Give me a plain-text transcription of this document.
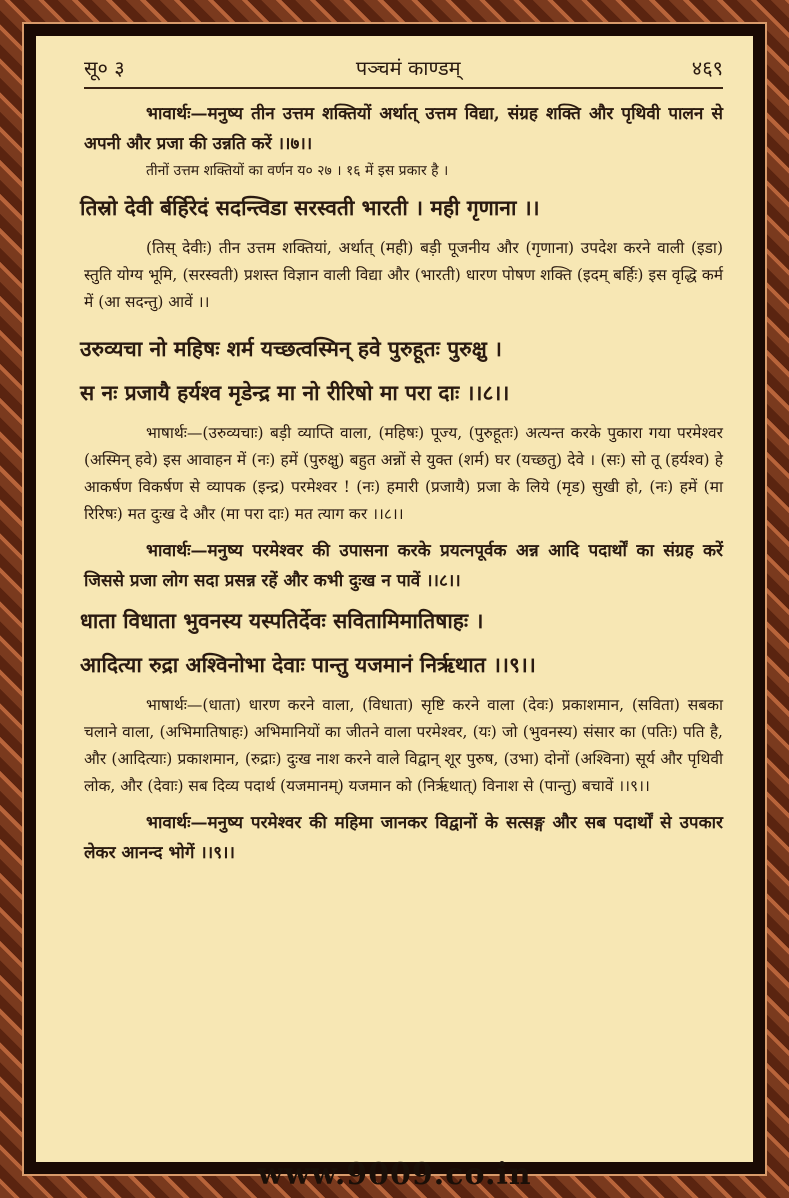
सू० ३	पञ्चमं काण्डम्	४६९

भावार्थः—मनुष्य तीन उत्तम शक्तियों अर्थात् उत्तम विद्या, संग्रह शक्ति और पृथिवी पालन से अपनी और प्रजा की उन्नति करें ।।७।।

तीनों उत्तम शक्तियों का वर्णन य० २७ । १६ में इस प्रकार है ।

तिस्रो देवी र्बर्हिरेदं सदन्त्विडा सरस्वती भारती । मही गृणाना ।।

(तिस् देवीः) तीन उत्तम शक्तियां, अर्थात् (मही) बड़ी पूजनीय और (गृणाना) उपदेश करने वाली (इडा) स्तुति योग्य भूमि, (सरस्वती) प्रशस्त विज्ञान वाली विद्या और (भारती) धारण पोषण शक्ति (इदम् बर्हिः) इस वृद्धि कर्म में (आ सदन्तु) आवें ।।

उरुव्यचा नो महिषः शर्म यच्छत्वस्मिन् हवे पुरुहूतः पुरुक्षु ।

स नः प्रजायै हर्यश्व मृडेन्द्र मा नो रीरिषो मा परा दाः ।।८।।

भाषार्थः—(उरुव्यचाः) बड़ी व्याप्ति वाला, (महिषः) पूज्य, (पुरुहूतः) अत्यन्त करके पुकारा गया परमेश्वर (अस्मिन् हवे) इस आवाहन में (नः) हमें (पुरुक्षु) बहुत अन्नों से युक्त (शर्म) घर (यच्छतु) देवे । (सः) सो तू (हर्यश्व) हे आकर्षण विकर्षण से व्यापक (इन्द्र) परमेश्वर ! (नः) हमारी (प्रजायै) प्रजा के लिये (मृड) सुखी हो, (नः) हमें (मा रिरिषः) मत दुःख दे और (मा परा दाः) मत त्याग कर ।।८।।

भावार्थः—मनुष्य परमेश्वर की उपासना करके प्रयत्नपूर्वक अन्न आदि पदार्थों का संग्रह करें जिससे प्रजा लोग सदा प्रसन्न रहें और कभी दुःख न पावें ।।८।।

धाता विधाता भुवनस्य यस्पतिर्देवः सवितामिमातिषाहः ।

आदित्या रुद्रा अश्विनोभा देवाः पान्तु यजमानं निर्ऋथात ।।९।।

भाषार्थः—(धाता) धारण करने वाला, (विधाता) सृष्टि करने वाला (देवः) प्रकाशमान, (सविता) सबका चलाने वाला, (अभिमातिषाहः) अभिमानियों का जीतने वाला परमेश्वर, (यः) जो (भुवनस्य) संसार का (पतिः) पति है, और (आदित्याः) प्रकाशमान, (रुद्राः) दुःख नाश करने वाले विद्वान् शूर पुरुष, (उभा) दोनों (अश्विना) सूर्य और पृथिवी लोक, और (देवाः) सब दिव्य पदार्थ (यजमानम्) यजमान को (निर्ऋथात्) विनाश से (पान्तु) बचावें ।।९।।

भावार्थः—मनुष्य परमेश्वर की महिमा जानकर विद्वानों के सत्सङ्ग और सब पदार्थों से उपकार लेकर आनन्द भोगें ।।९।।

www.9009.co.in
